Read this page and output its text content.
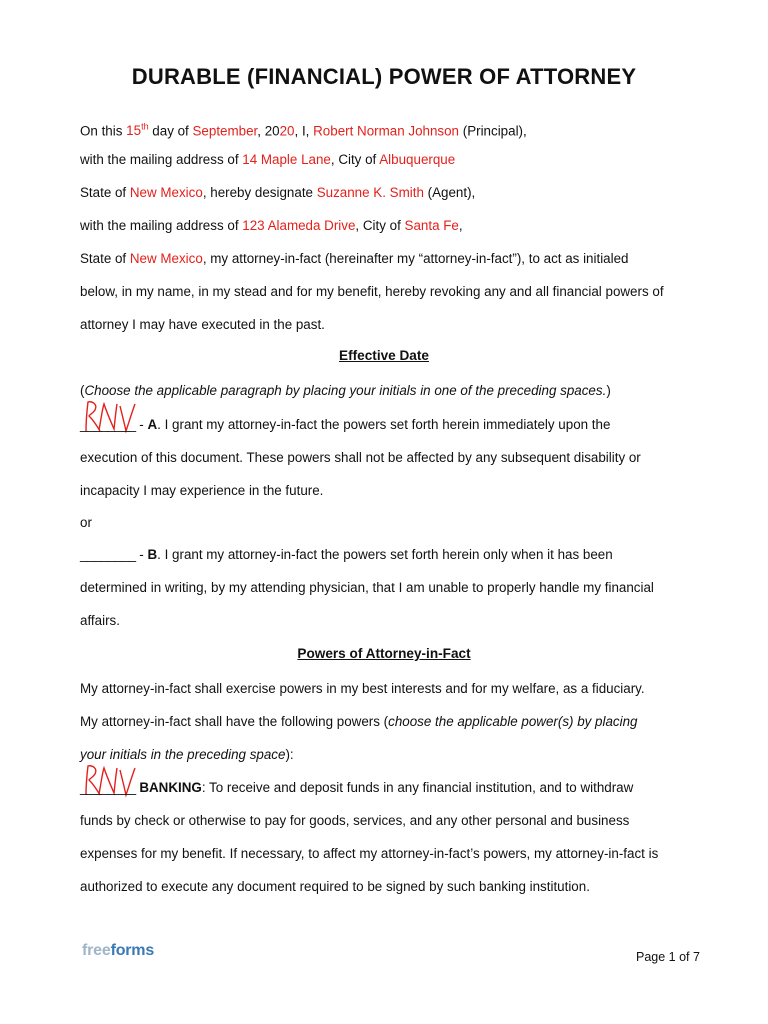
DURABLE (FINANCIAL) POWER OF ATTORNEY
On this 15th day of September, 2020, I, Robert Norman Johnson (Principal),
with the mailing address of 14 Maple Lane, City of Albuquerque
State of New Mexico, hereby designate Suzanne K. Smith (Agent),
with the mailing address of 123 Alameda Drive, City of Santa Fe,
State of New Mexico, my attorney-in-fact (hereinafter my “attorney-in-fact”), to act as initialed
below, in my name, in my stead and for my benefit, hereby revoking any and all financial powers of
attorney I may have executed in the past.
Effective Date
(Choose the applicable paragraph by placing your initials in one of the preceding spaces.)
________ - A. I grant my attorney-in-fact the powers set forth herein immediately upon the
execution of this document. These powers shall not be affected by any subsequent disability or
incapacity I may experience in the future.
or
________ - B. I grant my attorney-in-fact the powers set forth herein only when it has been
determined in writing, by my attending physician, that I am unable to properly handle my financial
affairs.
Powers of Attorney-in-Fact
My attorney-in-fact shall exercise powers in my best interests and for my welfare, as a fiduciary.
My attorney-in-fact shall have the following powers (choose the applicable power(s) by placing
your initials in the preceding space):
________ BANKING: To receive and deposit funds in any financial institution, and to withdraw
funds by check or otherwise to pay for goods, services, and any other personal and business
expenses for my benefit. If necessary, to affect my attorney-in-fact’s powers, my attorney-in-fact is
authorized to execute any document required to be signed by such banking institution.
freeforms	Page 1 of 7
